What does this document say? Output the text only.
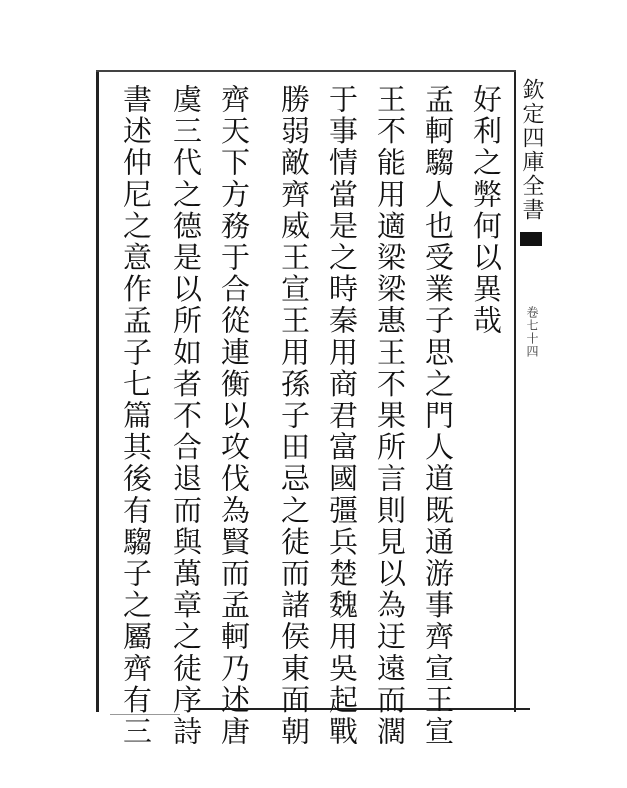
欽定四庫全書
卷七十四
好利之弊何以異哉
孟軻騶人也受業子思之門人道既通游事齊宣王宣
王不能用適梁梁惠王不果所言則見以為迂遠而濶
于事情當是之時秦用商君富國彊兵楚魏用吳起戰
勝弱敵齊威王宣王用孫子田忌之徒而諸侯東面朝
齊天下方務于合從連衡以攻伐為賢而孟軻乃述唐
虞三代之德是以所如者不合退而與萬章之徒序詩
書述仲尼之意作孟子七篇其後有騶子之屬齊有三
